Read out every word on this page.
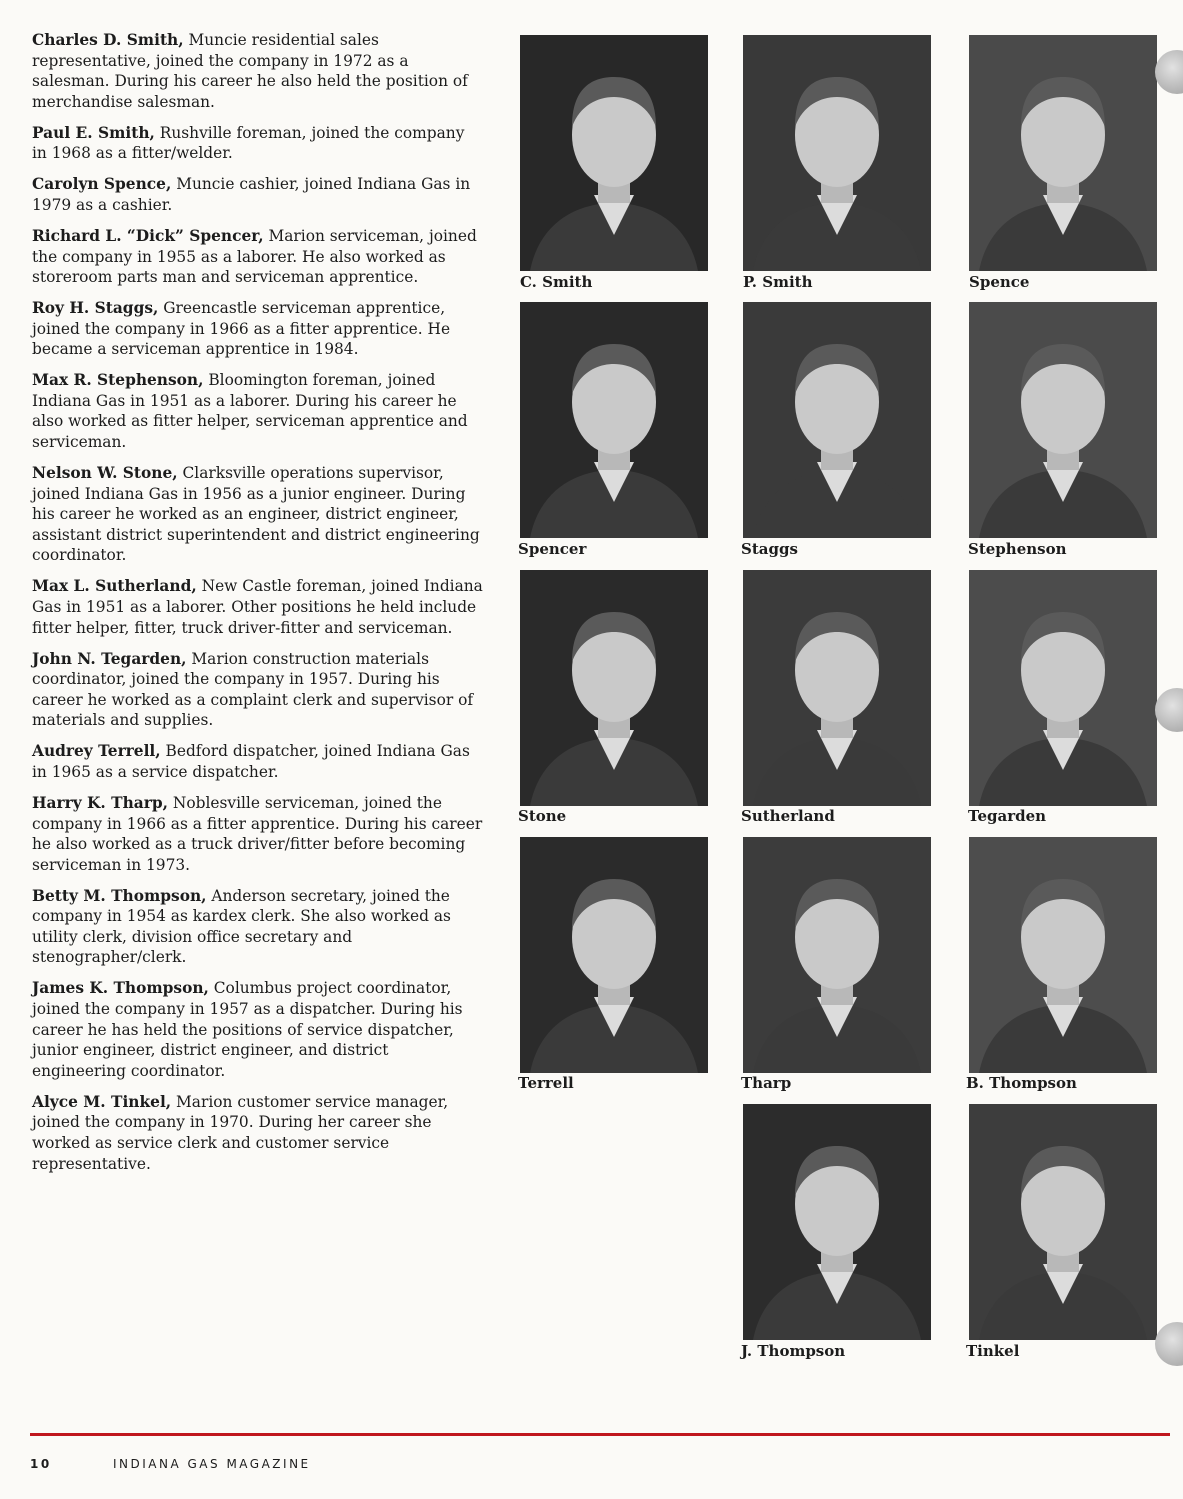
Charles D. Smith, Muncie residential sales representative, joined the company in 1972 as a salesman. During his career he also held the position of merchandise salesman.

Paul E. Smith, Rushville foreman, joined the company in 1968 as a fitter/welder.

Carolyn Spence, Muncie cashier, joined Indiana Gas in 1979 as a cashier.

Richard L. “Dick” Spencer, Marion serviceman, joined the company in 1955 as a laborer. He also worked as storeroom parts man and serviceman apprentice.

Roy H. Staggs, Greencastle serviceman apprentice, joined the company in 1966 as a fitter apprentice. He became a serviceman apprentice in 1984.

Max R. Stephenson, Bloomington foreman, joined Indiana Gas in 1951 as a laborer. During his career he also worked as fitter helper, serviceman apprentice and serviceman.

Nelson W. Stone, Clarksville operations supervisor, joined Indiana Gas in 1956 as a junior engineer. During his career he worked as an engineer, district engineer, assistant district superintendent and district engineering coordinator.

Max L. Sutherland, New Castle foreman, joined Indiana Gas in 1951 as a laborer. Other positions he held include fitter helper, fitter, truck driver-fitter and serviceman.

John N. Tegarden, Marion construction materials coordinator, joined the company in 1957. During his career he worked as a complaint clerk and supervisor of materials and supplies.

Audrey Terrell, Bedford dispatcher, joined Indiana Gas in 1965 as a service dispatcher.

Harry K. Tharp, Noblesville serviceman, joined the company in 1966 as a fitter apprentice. During his career he also worked as a truck driver/fitter before becoming serviceman in 1973.

Betty M. Thompson, Anderson secretary, joined the company in 1954 as kardex clerk. She also worked as utility clerk, division office secretary and stenographer/clerk.

James K. Thompson, Columbus project coordinator, joined the company in 1957 as a dispatcher. During his career he has held the positions of service dispatcher, junior engineer, district engineer, and district engineering coordinator.

Alyce M. Tinkel, Marion customer service manager, joined the company in 1970. During her career she worked as service clerk and customer service representative.

C. Smith	P. Smith	Spence
Spencer	Staggs	Stephenson
Stone	Sutherland	Tegarden
Terrell	Tharp	B. Thompson
J. Thompson	Tinkel
10	INDIANA GAS MAGAZINE
